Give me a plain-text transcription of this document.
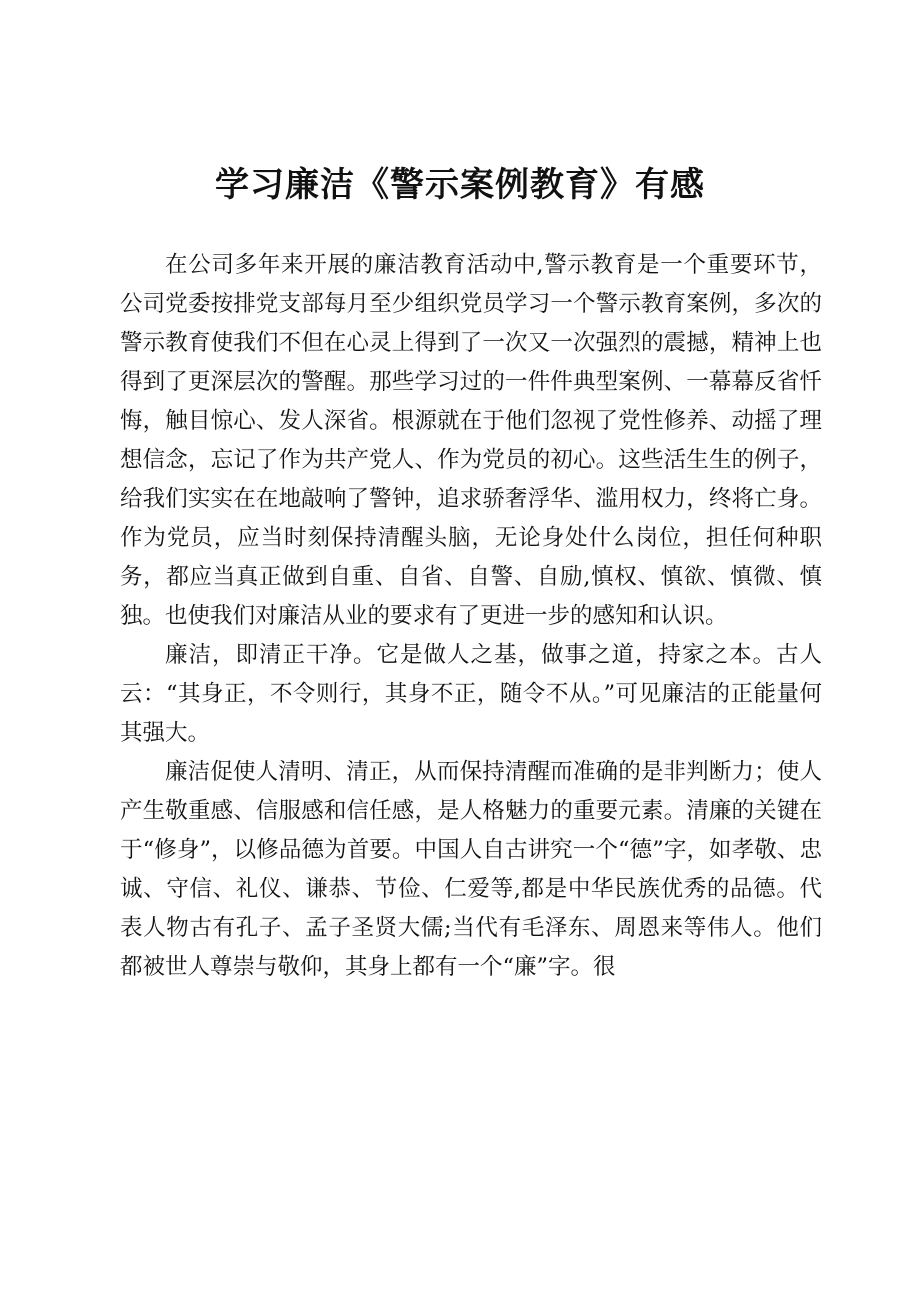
学习廉洁《警示案例教育》有感

在公司多年来开展的廉洁教育活动中,警示教育是一个重要环节，公司党委按排党支部每月至少组织党员学习一个警示教育案例，多次的警示教育使我们不但在心灵上得到了一次又一次强烈的震撼，精神上也得到了更深层次的警醒。那些学习过的一件件典型案例、一幕幕反省忏悔，触目惊心、发人深省。根源就在于他们忽视了党性修养、动摇了理想信念，忘记了作为共产党人、作为党员的初心。这些活生生的例子，给我们实实在在地敲响了警钟，追求骄奢浮华、滥用权力，终将亡身。作为党员，应当时刻保持清醒头脑，无论身处什么岗位，担任何种职务，都应当真正做到自重、自省、自警、自励,慎权、慎欲、慎微、慎独。也使我们对廉洁从业的要求有了更进一步的感知和认识。

廉洁，即清正干净。它是做人之基，做事之道，持家之本。古人云：“其身正，不令则行，其身不正，随令不从。”可见廉洁的正能量何其强大。

廉洁促使人清明、清正，从而保持清醒而准确的是非判断力；使人产生敬重感、信服感和信任感，是人格魅力的重要元素。清廉的关键在于“修身”，以修品德为首要。中国人自古讲究一个“德”字，如孝敬、忠诚、守信、礼仪、谦恭、节俭、仁爱等,都是中华民族优秀的品德。代表人物古有孔子、孟子圣贤大儒;当代有毛泽东、周恩来等伟人。他们都被世人尊崇与敬仰，其身上都有一个“廉”字。很
